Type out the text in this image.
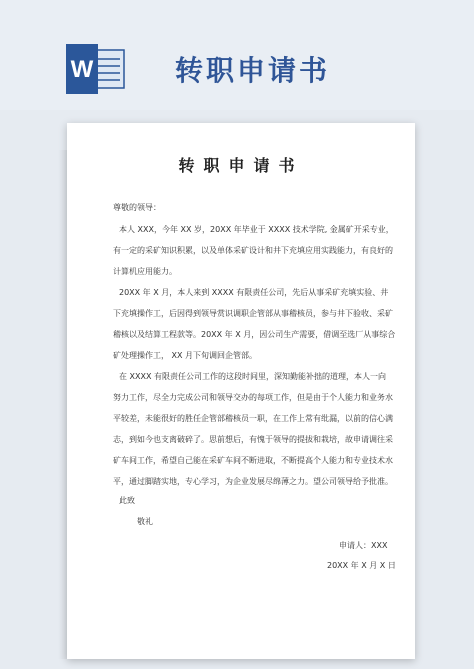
W	转职申请书
转职申请书
尊敬的领导：
本人 XXX，今年 XX 岁，20XX 年毕业于 XXXX 技术学院, 金属矿开采专业，
有一定的采矿知识积累，以及单体采矿设计和井下充填应用实践能力，有良好的
计算机应用能力。
20XX 年 X 月，本人来到 XXXX 有限责任公司，先后从事采矿充填实验、井
下充填操作工，后因得到领导赏识调职企管部从事稽核员，参与井下验收、采矿
稽核以及结算工程款等。20XX 年 X 月，因公司生产需要，借调至选厂从事综合
矿处理操作工， XX 月下旬调回企管部。
在 XXXX 有限责任公司工作的这段时间里，深知勤能补拙的道理，本人一向
努力工作，尽全力完成公司和领导交办的每项工作，但是由于个人能力和业务水
平较差，未能很好的胜任企管部稽核员一职，在工作上常有纰漏，以前的信心满
志，到如今也支离破碎了。思前想后，有愧于领导的提拔和栽培，故申请调往采
矿车间工作，希望自己能在采矿车间不断进取，不断提高个人能力和专业技术水
平，通过脚踏实地，专心学习，为企业发展尽绵薄之力。望公司领导给予批准。
此致
敬礼
申请人：XXX
20XX 年 X 月 X 日
